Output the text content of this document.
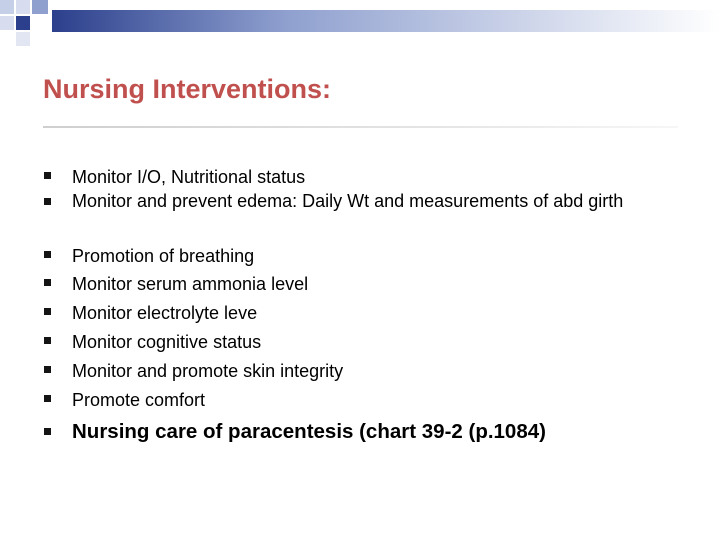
Nursing Interventions:
Monitor I/O, Nutritional status
Monitor and prevent edema: Daily Wt and measurements of abd girth
Promotion of breathing
Monitor serum ammonia level
Monitor electrolyte leve
Monitor cognitive status
Monitor and promote skin integrity
Promote comfort
Nursing care of paracentesis (chart 39-2 (p.1084)
